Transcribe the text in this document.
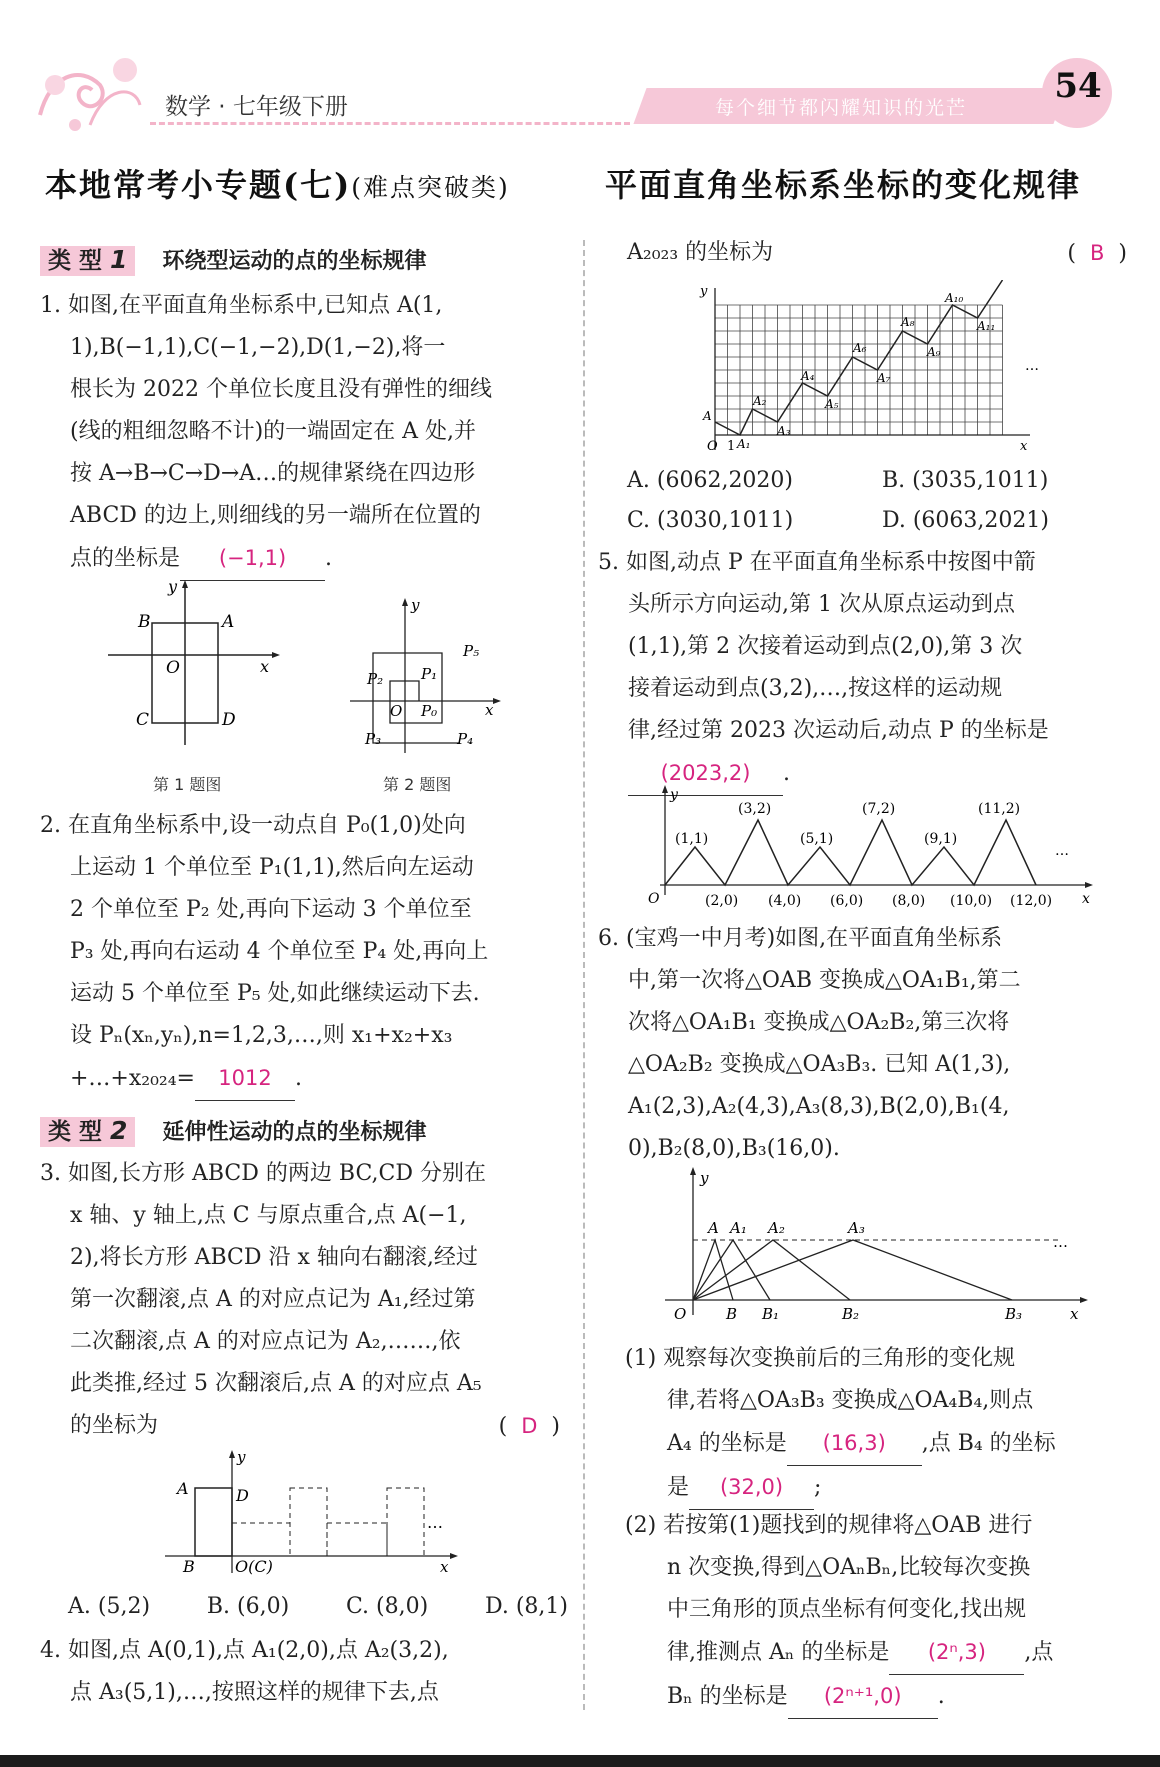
数学 · 七年级下册	每个细节都闪耀知识的光芒
54
本地常考小专题(七)(难点突破类)	平面直角坐标系坐标的变化规律
类 型 1 环绕型运动的点的坐标规律
1. 如图,在平面直角坐标系中,已知点 A(1,
1),B(−1,1),C(−1,−2),D(1,−2),将一
根长为 2022 个单位长度且没有弹性的细线
(线的粗细忽略不计)的一端固定在 A 处,并
按 A→B→C→D→A…的规律紧绕在四边形
ABCD 的边上,则细线的另一端所在位置的
点的坐标是 (−1,1) .
B	A
C	D
O	x
y
第 1 题图
P₅
P₁
P₂
P₀
O
P₃	P₄
x
y
第 2 题图
2. 在直角坐标系中,设一动点自 P₀(1,0)处向
上运动 1 个单位至 P₁(1,1),然后向左运动
2 个单位至 P₂ 处,再向下运动 3 个单位至
P₃ 处,再向右运动 4 个单位至 P₄ 处,再向上
运动 5 个单位至 P₅ 处,如此继续运动下去.
设 Pₙ(xₙ,yₙ),n=1,2,3,…,则 x₁+x₂+x₃
+…+x₂₀₂₄= 1012 .
类 型 2 延伸性运动的点的坐标规律
3. 如图,长方形 ABCD 的两边 BC,CD 分别在
x 轴、y 轴上,点 C 与原点重合,点 A(−1,
2),将长方形 ABCD 沿 x 轴向右翻滚,经过
第一次翻滚,点 A 的对应点记为 A₁,经过第
二次翻滚,点 A 的对应点记为 A₂,……,依
此类推,经过 5 次翻滚后,点 A 的对应点 A₅
的坐标为	(  D  )
A	D
B	O(C)
…
x
y
A. (5,2)	B. (6,0)	C. (8,0)	D. (8,1)
4. 如图,点 A(0,1),点 A₁(2,0),点 A₂(3,2),
点 A₃(5,1),…,按照这样的规律下去,点
A₂₀₂₃ 的坐标为	(  B  )
A
A₁
A₂
A₃
A₄
A₅
A₆
A₇
A₈
A₉
A₁₀
A₁₁
O 1	x
y
…
A. (6062,2020)	B. (3035,1011)
C. (3030,1011)	D. (6063,2021)
5. 如图,动点 P 在平面直角坐标系中按图中箭
头所示方向运动,第 1 次从原点运动到点
(1,1),第 2 次接着运动到点(2,0),第 3 次
接着运动到点(3,2),…,按这样的运动规
律,经过第 2023 次运动后,动点 P 的坐标是
(2023,2) .
(1,1)
(3,2)
(5,1)
(7,2)
(9,1)
(11,2)
(2,0) (4,0) (6,0) (8,0) (10,0) (12,0)
O
y
x
…
6. (宝鸡一中月考)如图,在平面直角坐标系
中,第一次将△OAB 变换成△OA₁B₁,第二
次将△OA₁B₁ 变换成△OA₂B₂,第三次将
△OA₂B₂ 变换成△OA₃B₃. 已知 A(1,3),
A₁(2,3),A₂(4,3),A₃(8,3),B(2,0),B₁(4,
0),B₂(8,0),B₃(16,0).
A A₁ A₂	A₃
B B₁	B₂	B₃
O
y
x
…
(1) 观察每次变换前后的三角形的变化规
律,若将△OA₃B₃ 变换成△OA₄B₄,则点
A₄ 的坐标是 (16,3) ,点 B₄ 的坐标
是 (32,0) ;
(2) 若按第(1)题找到的规律将△OAB 进行
n 次变换,得到△OAₙBₙ,比较每次变换
中三角形的顶点坐标有何变化,找出规
律,推测点 Aₙ 的坐标是 (2ⁿ,3) ,点
Bₙ 的坐标是 (2ⁿ⁺¹,0) .
